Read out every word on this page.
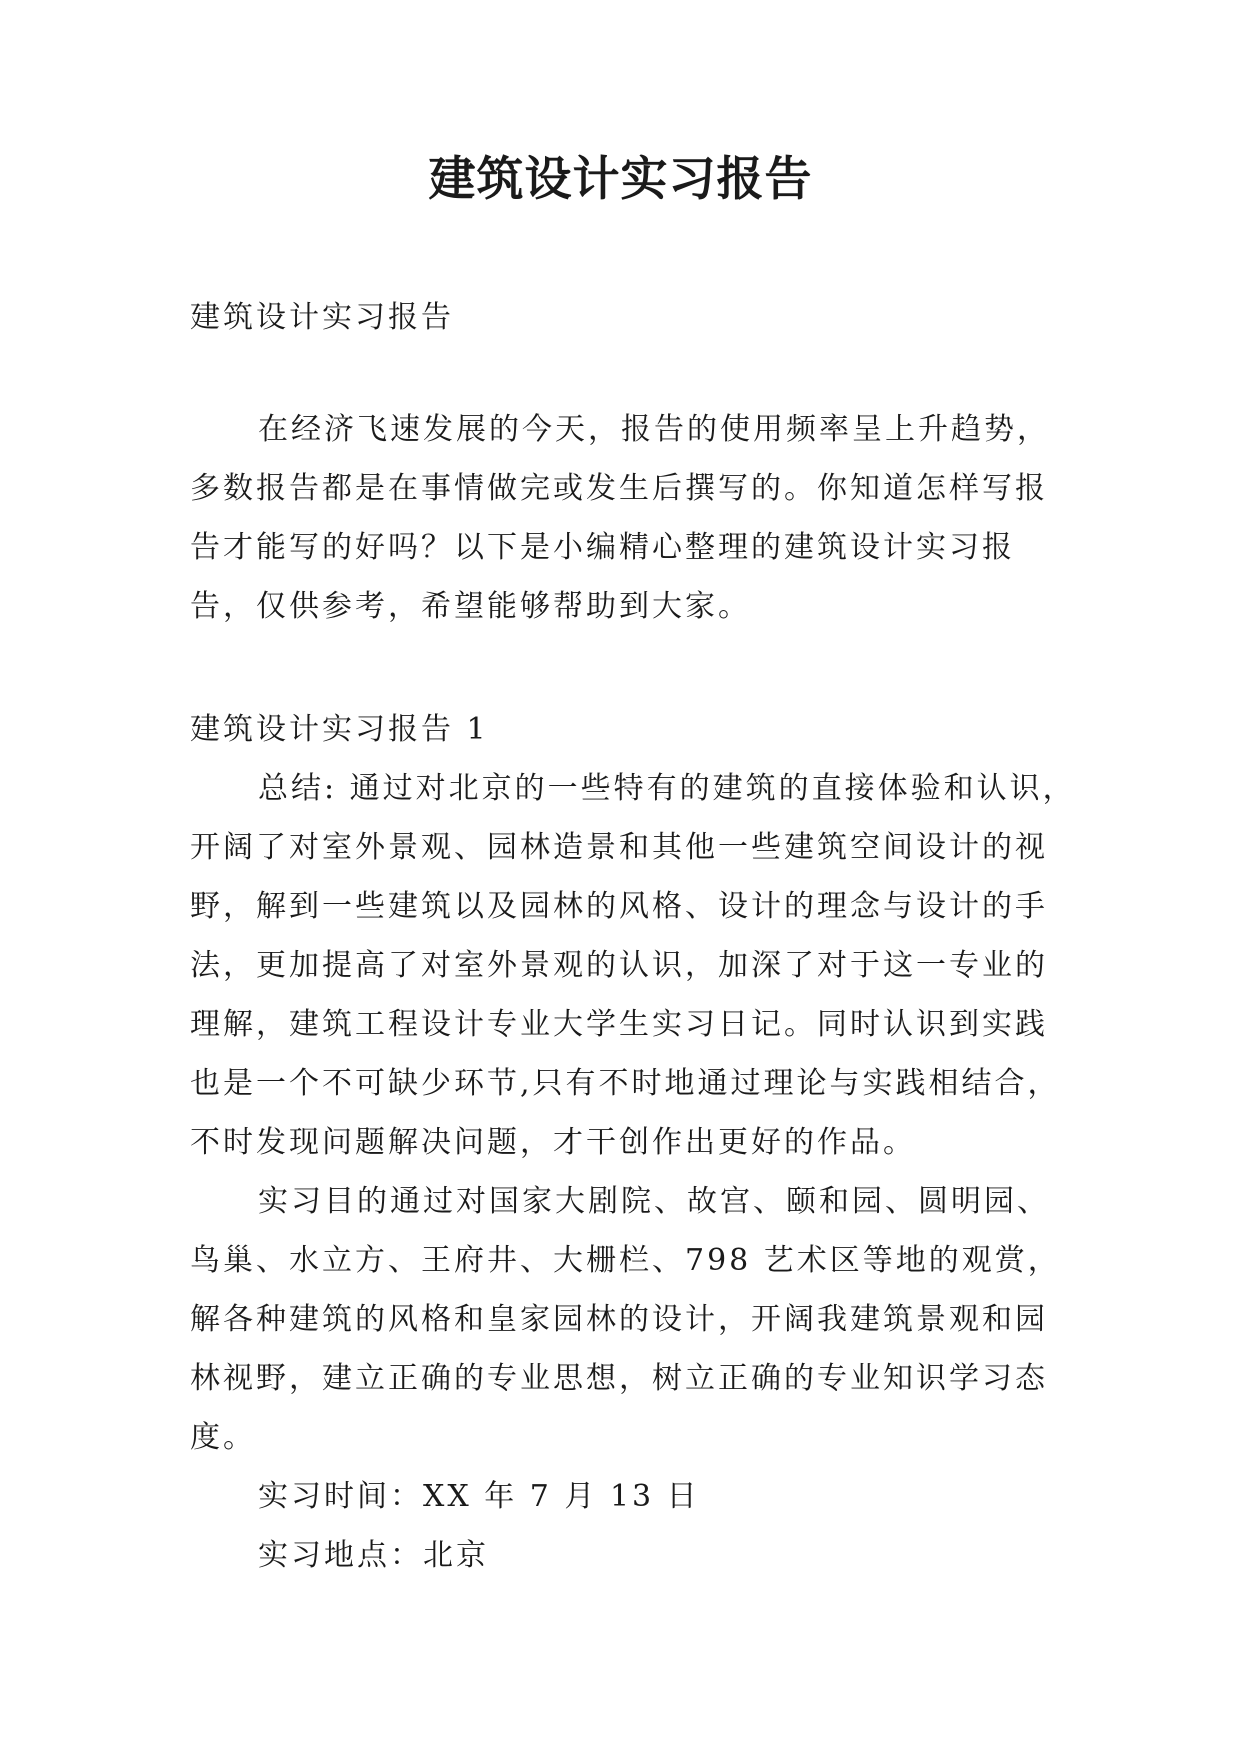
建筑设计实习报告

建筑设计实习报告

在经济飞速发展的今天，报告的使用频率呈上升趋势，多数报告都是在事情做完或发生后撰写的。你知道怎样写报告才能写的好吗？以下是小编精心整理的建筑设计实习报告，仅供参考，希望能够帮助到大家。

建筑设计实习报告 1

总结: 通过对北京的一些特有的建筑的直接体验和认识，开阔了对室外景观、园林造景和其他一些建筑空间设计的视野，解到一些建筑以及园林的风格、设计的理念与设计的手法，更加提高了对室外景观的认识，加深了对于这一专业的理解，建筑工程设计专业大学生实习日记。同时认识到实践也是一个不可缺少环节,只有不时地通过理论与实践相结合，不时发现问题解决问题，才干创作出更好的作品。

实习目的通过对国家大剧院、故宫、颐和园、圆明园、鸟巢、水立方、王府井、大栅栏、798 艺术区等地的观赏，解各种建筑的风格和皇家园林的设计，开阔我建筑景观和园林视野，建立正确的专业思想，树立正确的专业知识学习态度。

实习时间：XX 年 7 月 13 日

实习地点：北京
